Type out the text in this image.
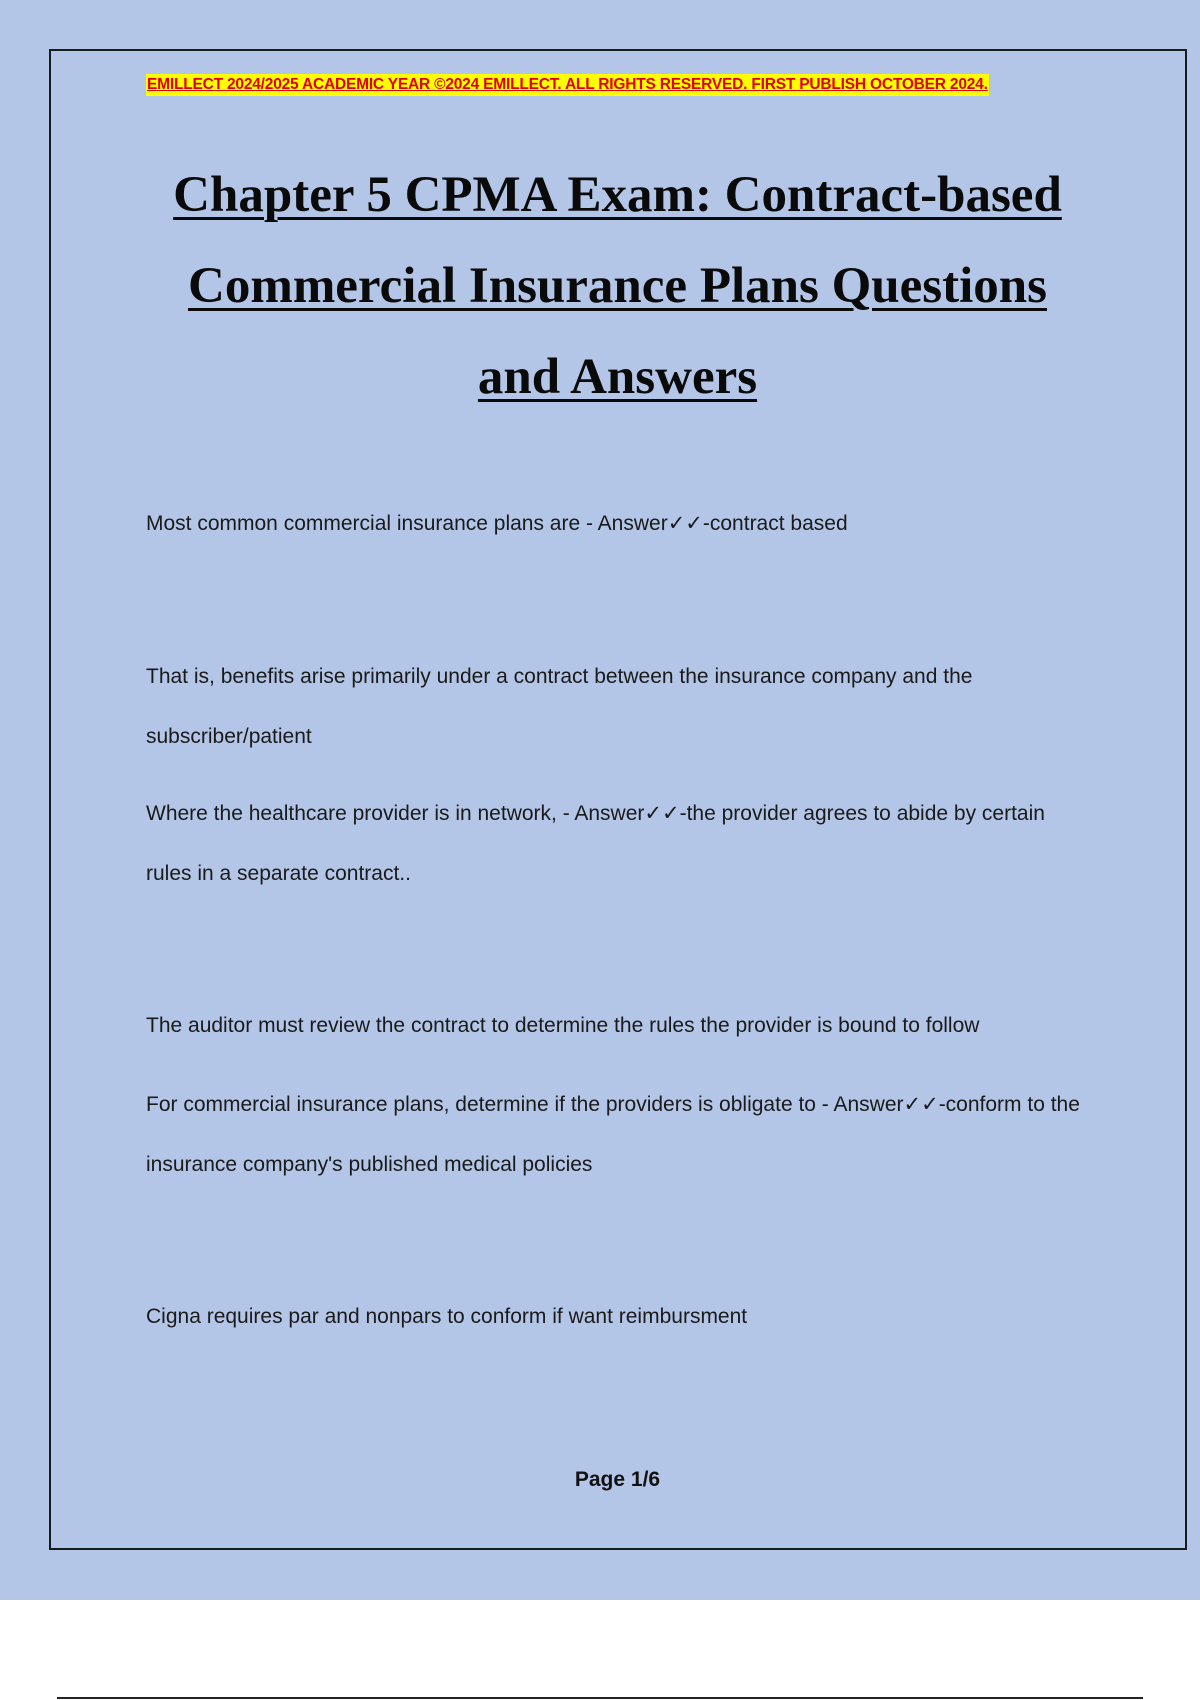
EMILLECT 2024/2025 ACADEMIC YEAR ©2024 EMILLECT. ALL RIGHTS RESERVED. FIRST PUBLISH OCTOBER 2024.
Chapter 5 CPMA Exam: Contract-based
Commercial Insurance Plans Questions
and Answers

Most common commercial insurance plans are - Answer✓✓-contract based

That is, benefits arise primarily under a contract between the insurance company and the subscriber/patient

Where the healthcare provider is in network, - Answer✓✓-the provider agrees to abide by certain rules in a separate contract..

The auditor must review the contract to determine the rules the provider is bound to follow

For commercial insurance plans, determine if the providers is obligate to - Answer✓✓-conform to the insurance company's published medical policies

Cigna requires par and nonpars to conform if want reimbursment

Page 1/6
